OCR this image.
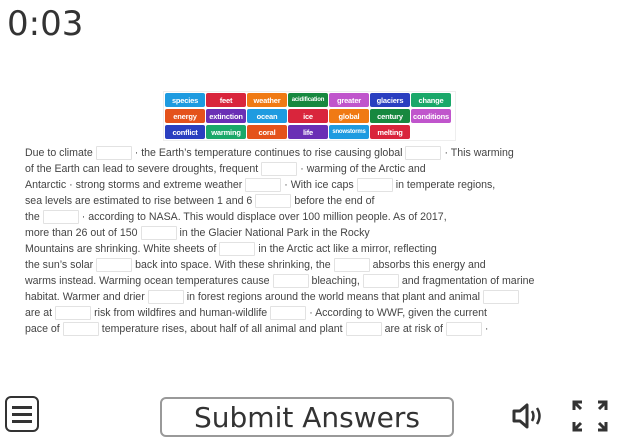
0:03
species	feet	weather	acidification	greater	glaciers	change
energy	extinction	ocean	ice	global	century	conditions
conflict	warming	coral	life	snowstorms	melting
Due to climate	· the Earth’s temperature continues to rise causing global	· This warming
of the Earth can lead to severe droughts, frequent	· warming of the Arctic and
Antarctic · strong storms and extreme weather	· With ice caps	in temperate regions,
sea levels are estimated to rise between 1 and 6	before the end of
the	· according to NASA. This would displace over 100 million people. As of 2017,
more than 26 out of 150	in the Glacier National Park in the Rocky
Mountains are shrinking. White sheets of	in the Arctic act like a mirror, reflecting
the sun’s solar	back into space. With these shrinking, the	absorbs this energy and
warms instead. Warming ocean temperatures cause	bleaching,	and fragmentation of marine
habitat. Warmer and drier	in forest regions around the world means that plant and animal
are at	risk from wildfires and human-wildlife	· According to WWF, given the current
pace of	temperature rises, about half of all animal and plant	are at risk of	·
Submit Answers
